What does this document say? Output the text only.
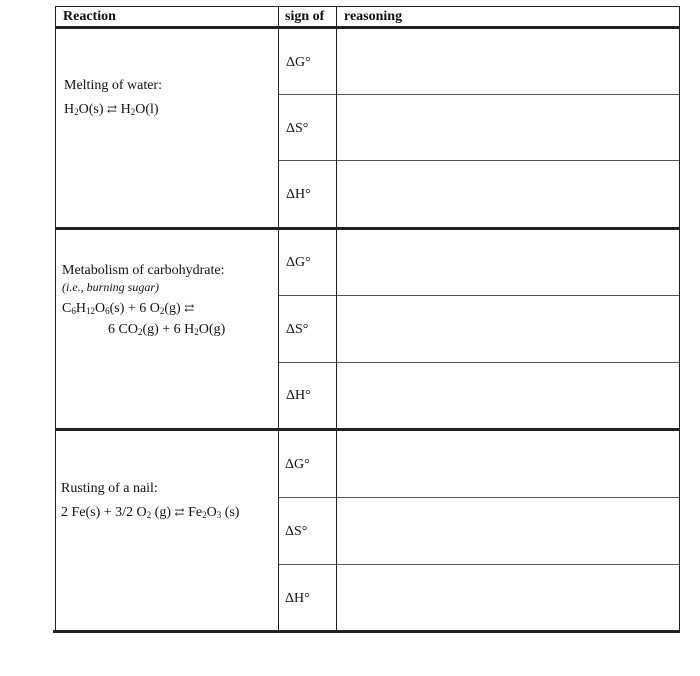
Reaction	sign of reasoning
Melting of water:
$H_2O(s)$ ⇄ $H_2O(l)$
ΔG°
ΔS°
ΔH°
Metabolism of carbohydrate:
(i.e., burning sugar)
$C_6H_{12}O_6(s) + 6$ $O_2(g)$ ⇄
6 $CO_2(g) + 6$ $H_2O(g)$
ΔG°
ΔS°
ΔH°
Rusting of a nail:
2 Fe(s) + 3/2 $O_2$ (g) ⇄ $Fe_2O_3$ (s)
ΔG°
ΔS°
ΔH°
